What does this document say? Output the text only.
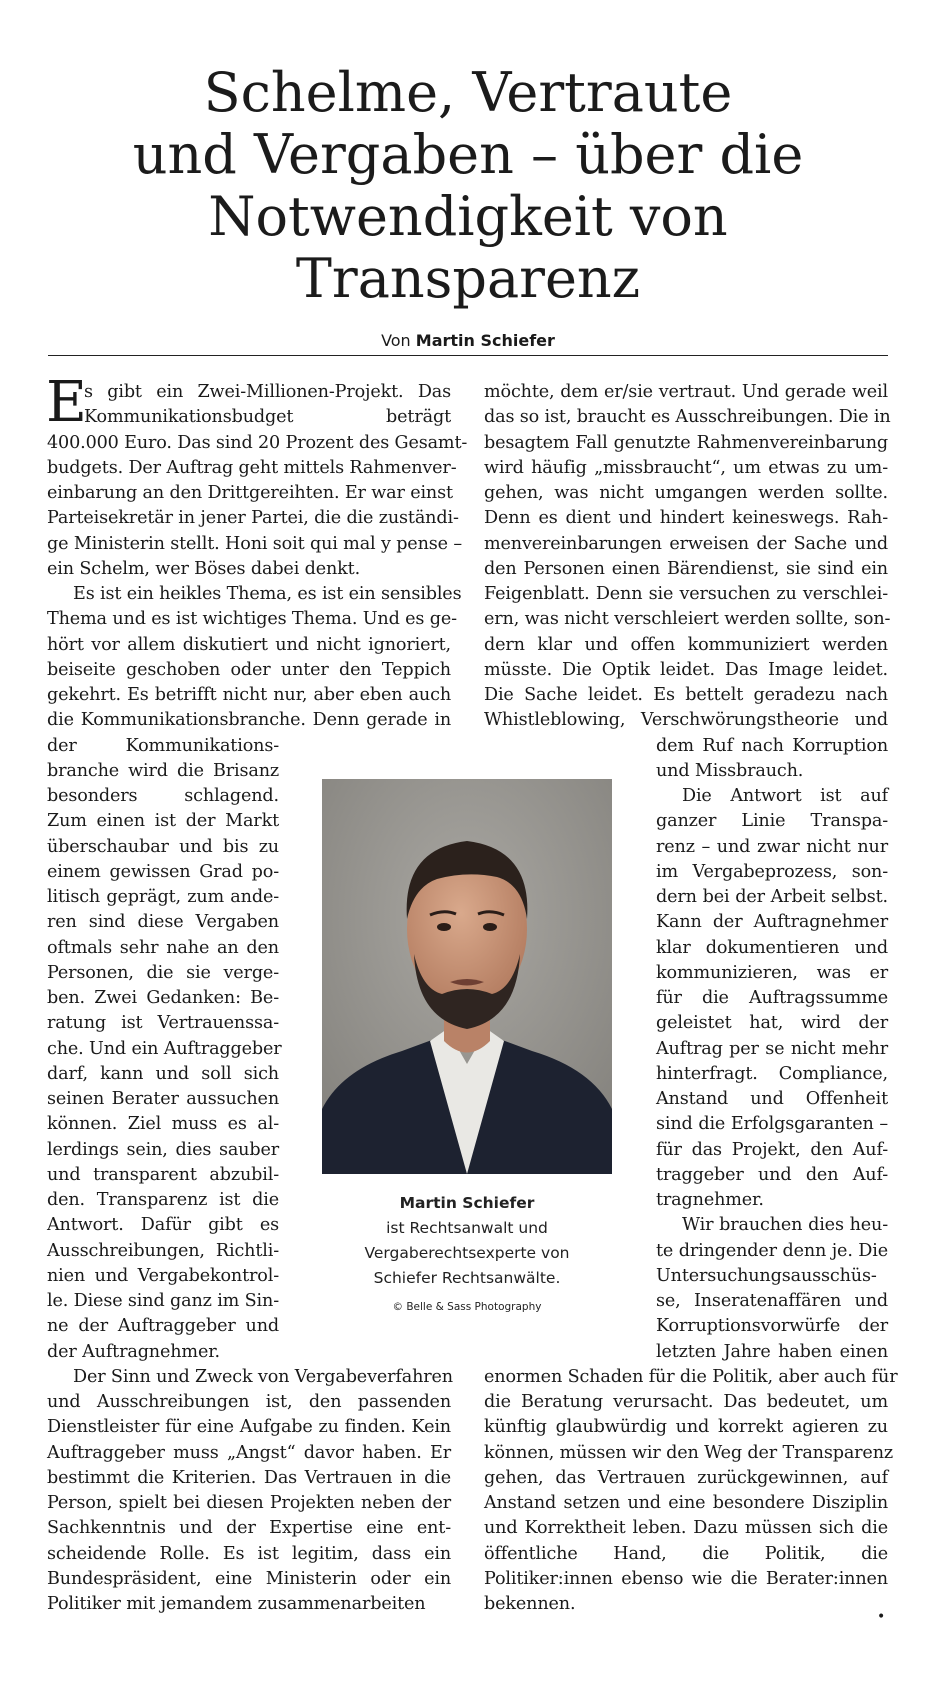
Schelme, Vertraute
und Vergaben – über die
Notwendigkeit von
Transparenz
Von Martin Schiefer
E
s gibt ein Zwei-Millionen-Projekt. Das
Kommunikationsbudget beträgt
400.000 Euro. Das sind 20 Prozent des Gesamt-
budgets. Der Auftrag geht mittels Rahmenver-
einbarung an den Drittgereihten. Er war einst
Parteisekretär in jener Partei, die die zuständi-
ge Ministerin stellt. Honi soit qui mal y pense –
ein Schelm, wer Böses dabei denkt.
Es ist ein heikles Thema, es ist ein sensibles
Thema und es ist wichtiges Thema. Und es ge-
hört vor allem diskutiert und nicht ignoriert,
beiseite geschoben oder unter den Teppich
gekehrt. Es betrifft nicht nur, aber eben auch
die Kommunikationsbranche. Denn gerade in
der Kommunikations-
branche wird die Brisanz
besonders schlagend.
Zum einen ist der Markt
überschaubar und bis zu
einem gewissen Grad po-
litisch geprägt, zum ande-
ren sind diese Vergaben
oftmals sehr nahe an den
Personen, die sie verge-
ben. Zwei Gedanken: Be-
ratung ist Vertrauenssa-
che. Und ein Auftraggeber
darf, kann und soll sich
seinen Berater aussuchen
können. Ziel muss es al-
lerdings sein, dies sauber
und transparent abzubil-
den. Transparenz ist die
Antwort. Dafür gibt es
Ausschreibungen, Richtli-
nien und Vergabekontrol-
le. Diese sind ganz im Sin-
ne der Auftraggeber und
der Auftragnehmer.
Der Sinn und Zweck von Vergabeverfahren
und Ausschreibungen ist, den passenden
Dienstleister für eine Aufgabe zu finden. Kein
Auftraggeber muss „Angst“ davor haben. Er
bestimmt die Kriterien. Das Vertrauen in die
Person, spielt bei diesen Projekten neben der
Sachkenntnis und der Expertise eine ent-
scheidende Rolle. Es ist legitim, dass ein
Bundespräsident, eine Ministerin oder ein
Politiker mit jemandem zusammenarbeiten
möchte, dem er/sie vertraut. Und gerade weil
das so ist, braucht es Ausschreibungen. Die in
besagtem Fall genutzte Rahmenvereinbarung
wird häufig „missbraucht“, um etwas zu um-
gehen, was nicht umgangen werden sollte.
Denn es dient und hindert keineswegs. Rah-
menvereinbarungen erweisen der Sache und
den Personen einen Bärendienst, sie sind ein
Feigenblatt. Denn sie versuchen zu verschlei-
ern, was nicht verschleiert werden sollte, son-
dern klar und offen kommuniziert werden
müsste. Die Optik leidet. Das Image leidet.
Die Sache leidet. Es bettelt geradezu nach
Whistleblowing, Verschwörungstheorie und
dem Ruf nach Korruption
und Missbrauch.
Die Antwort ist auf
ganzer Linie Transpa-
renz – und zwar nicht nur
im Vergabeprozess, son-
dern bei der Arbeit selbst.
Kann der Auftragnehmer
klar dokumentieren und
kommunizieren, was er
für die Auftragssumme
geleistet hat, wird der
Auftrag per se nicht mehr
hinterfragt. Compliance,
Anstand und Offenheit
sind die Erfolgsgaranten –
für das Projekt, den Auf-
traggeber und den Auf-
tragnehmer.
Wir brauchen dies heu-
te dringender denn je. Die
Untersuchungsausschüs-
se, Inseratenaffären und
Korruptionsvorwürfe der
letzten Jahre haben einen
enormen Schaden für die Politik, aber auch für
die Beratung verursacht. Das bedeutet, um
künftig glaubwürdig und korrekt agieren zu
können, müssen wir den Weg der Transparenz
gehen, das Vertrauen zurückgewinnen, auf
Anstand setzen und eine besondere Disziplin
und Korrektheit leben. Dazu müssen sich die
öffentliche Hand, die Politik, die
Politiker:innen ebenso wie die Berater:innen
bekennen.
Martin Schiefer
ist Rechtsanwalt und
Vergaberechtsexperte von
Schiefer Rechtsanwälte.
© Belle & Sass Photography
•
